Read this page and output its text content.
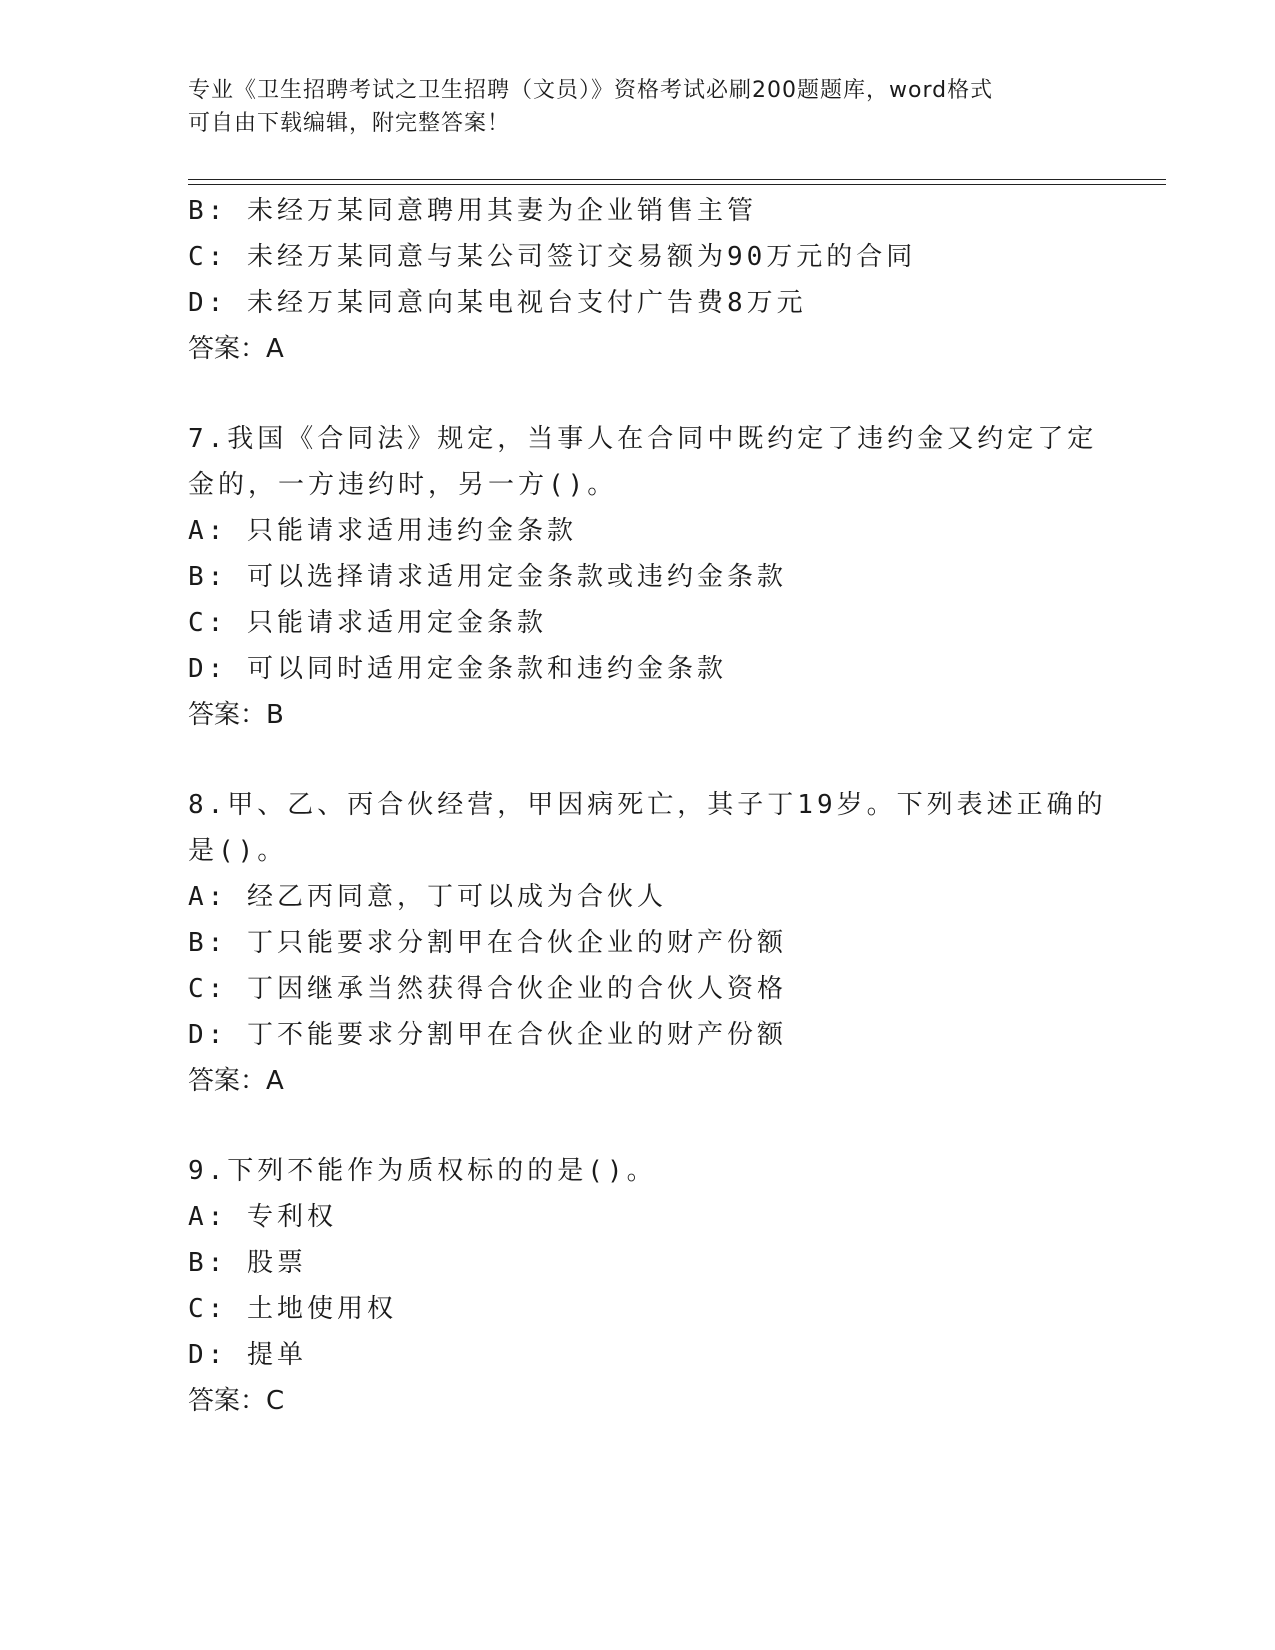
专业《卫生招聘考试之卫生招聘（文员）》资格考试必刷200题题库，word格式
可自由下载编辑，附完整答案！
B: 未经万某同意聘用其妻为企业销售主管
C: 未经万某同意与某公司签订交易额为90万元的合同
D: 未经万某同意向某电视台支付广告费8万元
答案：A
7.我国《合同法》规定，当事人在合同中既约定了违约金又约定了定
金的，一方违约时，另一方()。
A: 只能请求适用违约金条款
B: 可以选择请求适用定金条款或违约金条款
C: 只能请求适用定金条款
D: 可以同时适用定金条款和违约金条款
答案：B
8.甲、乙、丙合伙经营，甲因病死亡，其子丁19岁。下列表述正确的
是()。
A: 经乙丙同意，丁可以成为合伙人
B: 丁只能要求分割甲在合伙企业的财产份额
C: 丁因继承当然获得合伙企业的合伙人资格
D: 丁不能要求分割甲在合伙企业的财产份额
答案：A
9.下列不能作为质权标的的是()。
A: 专利权
B: 股票
C: 土地使用权
D: 提单
答案：C
